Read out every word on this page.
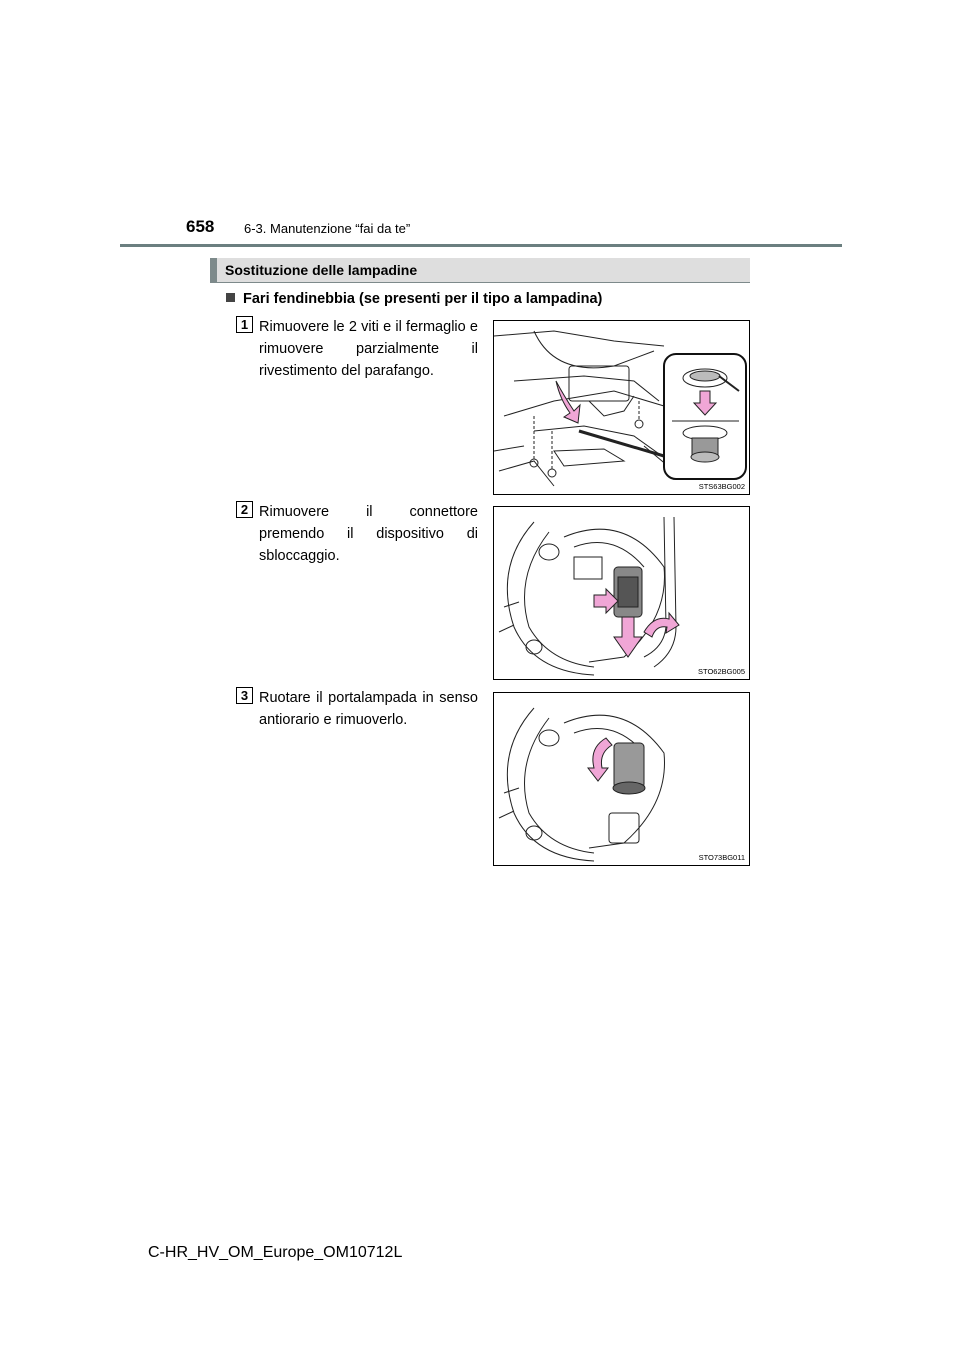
658 6-3. Manutenzione “fai da te”
Sostituzione delle lampadine
Fari fendinebbia (se presenti per il tipo a lampadina)
1 Rimuovere le 2 viti e il fermaglio e rimuovere parzialmente il rivestimento del parafango.
STS63BG002
2 Rimuovere il connettore premendo il dispositivo di sbloccaggio.
STO62BG005
3 Ruotare il portalampada in senso antiorario e rimuoverlo.
STO73BG011
C-HR_HV_OM_Europe_OM10712L
